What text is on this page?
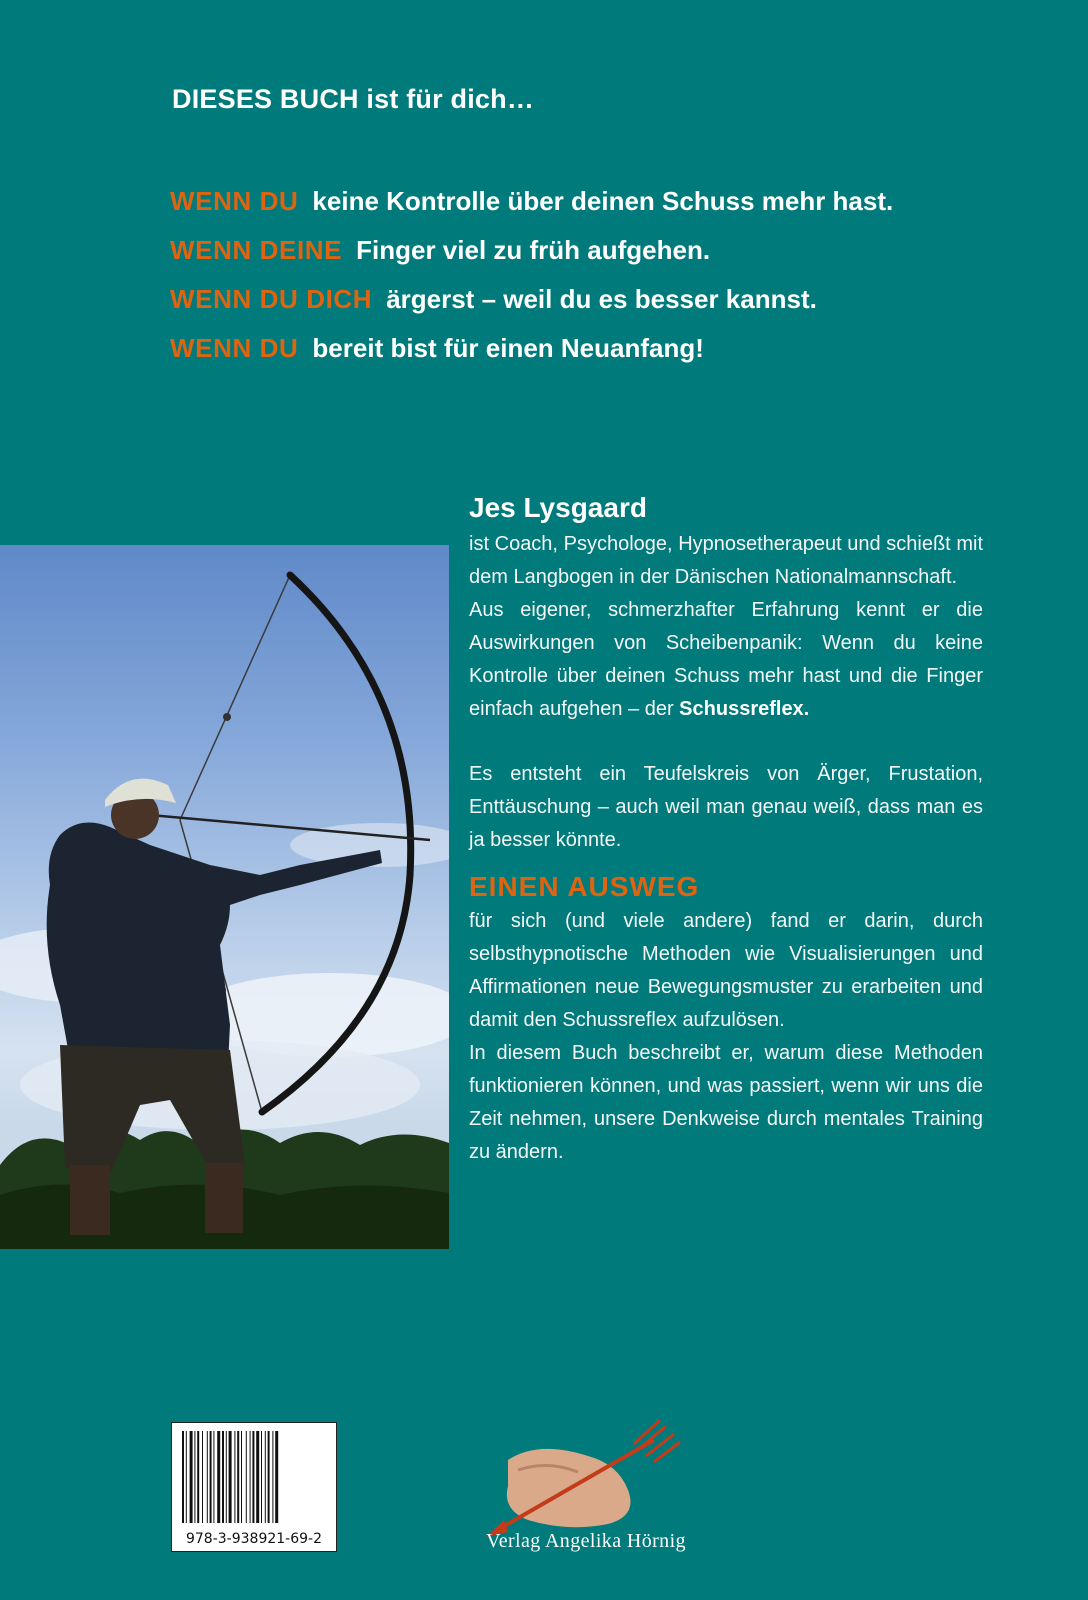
DIESES BUCH ist für dich…
WENN DU keine Kontrolle über deinen Schuss mehr hast.
WENN DEINE Finger viel zu früh aufgehen.
WENN DU DICH ärgerst – weil du es besser kannst.
WENN DU bereit bist für einen Neuanfang!
Jes Lysgaard

ist Coach, Psychologe, Hypnosetherapeut und schießt mit dem Langbogen in der Dänischen Nationalmannschaft.

Aus eigener, schmerzhafter Erfahrung kennt er die Auswirkungen von Scheibenpanik: Wenn du keine Kontrolle über deinen Schuss mehr hast und die Finger einfach aufgehen – der Schussreflex.

Es entsteht ein Teufelskreis von Ärger, Frustation, Enttäuschung – auch weil man genau weiß, dass man es ja besser könnte.

EINEN AUSWEG

für sich (und viele andere) fand er darin, durch selbsthypnotische Methoden wie Visualisierungen und Affirmationen neue Bewegungsmuster zu erarbeiten und damit den Schussreflex aufzulösen.

In diesem Buch beschreibt er, warum diese Methoden funktionieren können, und was passiert, wenn wir uns die Zeit nehmen, unsere Denkweise durch mentales Training zu ändern.

978-3-938921-69-2	Verlag Angelika Hörnig
